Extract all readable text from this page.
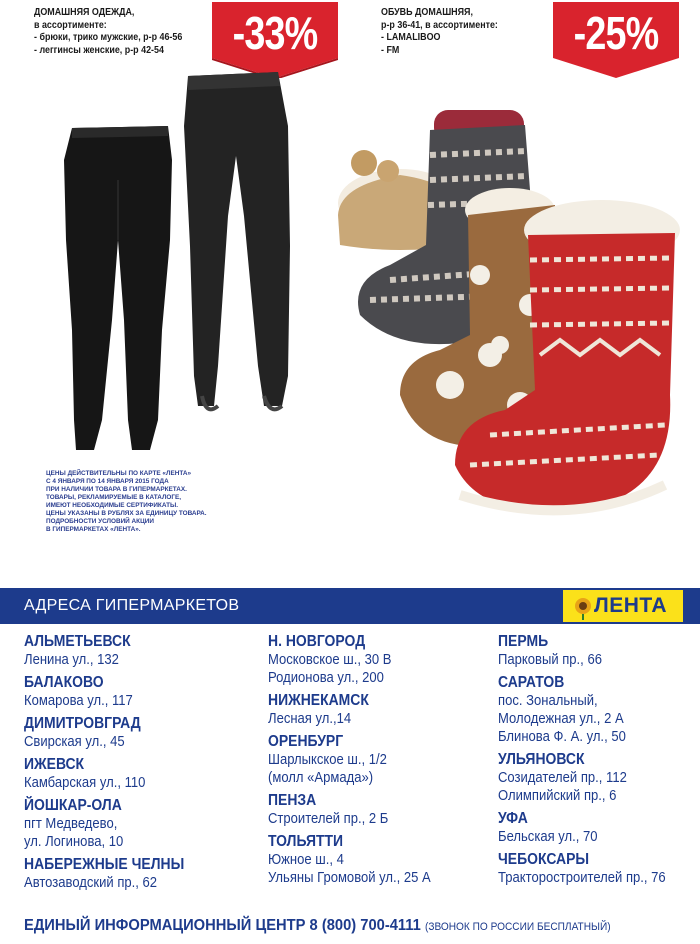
ДОМАШНЯЯ ОДЕЖДА,
в ассортименте:
- брюки, трико мужские, р-р 46-56
- леггинсы женские, р-р 42-54	-33%	ОБУВЬ ДОМАШНЯЯ,
р-р 36-41, в ассортименте:
- LAMALIBOO
- FM	-25%
ЦЕНЫ ДЕЙСТВИТЕЛЬНЫ ПО КАРТЕ «ЛЕНТА»
С 4 ЯНВАРЯ ПО 14 ЯНВАРЯ 2015 ГОДА
ПРИ НАЛИЧИИ ТОВАРА В ГИПЕРМАРКЕТАХ.
ТОВАРЫ, РЕКЛАМИРУЕМЫЕ В КАТАЛОГЕ,
ИМЕЮТ НЕОБХОДИМЫЕ СЕРТИФИКАТЫ.
ЦЕНЫ УКАЗАНЫ В РУБЛЯХ ЗА ЕДИНИЦУ ТОВАРА.
ПОДРОБНОСТИ УСЛОВИЙ АКЦИИ
В ГИПЕРМАРКЕТАХ «ЛЕНТА».
АДРЕСА ГИПЕРМАРКЕТОВ	ЛЕНТА
АЛЬМЕТЬЕВСК
Ленина ул., 132
БАЛАКОВО
Комарова ул., 117
ДИМИТРОВГРАД
Свирская ул., 45
ИЖЕВСК
Камбарская ул., 110
ЙОШКАР-ОЛА
пгт Медведево,
ул. Логинова, 10
НАБЕРЕЖНЫЕ ЧЕЛНЫ
Автозаводский пр., 62
Н. НОВГОРОД
Московское ш., 30 В
Родионова ул., 200
НИЖНЕКАМСК
Лесная ул.,14
ОРЕНБУРГ
Шарлыкское ш., 1/2
(молл «Армада»)
ПЕНЗА
Строителей пр., 2 Б
ТОЛЬЯТТИ
Южное ш., 4
Ульяны Громовой ул., 25 А
ПЕРМЬ
Парковый пр., 66
САРАТОВ
пос. Зональный,
Молодежная ул., 2 А
Блинова Ф. А. ул., 50
УЛЬЯНОВСК
Созидателей пр., 112
Олимпийский пр., 6
УФА
Бельская ул., 70
ЧЕБОКСАРЫ
Тракторостроителей пр., 76
ЕДИНЫЙ ИНФОРМАЦИОННЫЙ ЦЕНТР 8 (800) 700-4111 (ЗВОНОК ПО РОССИИ БЕСПЛАТНЫЙ)
